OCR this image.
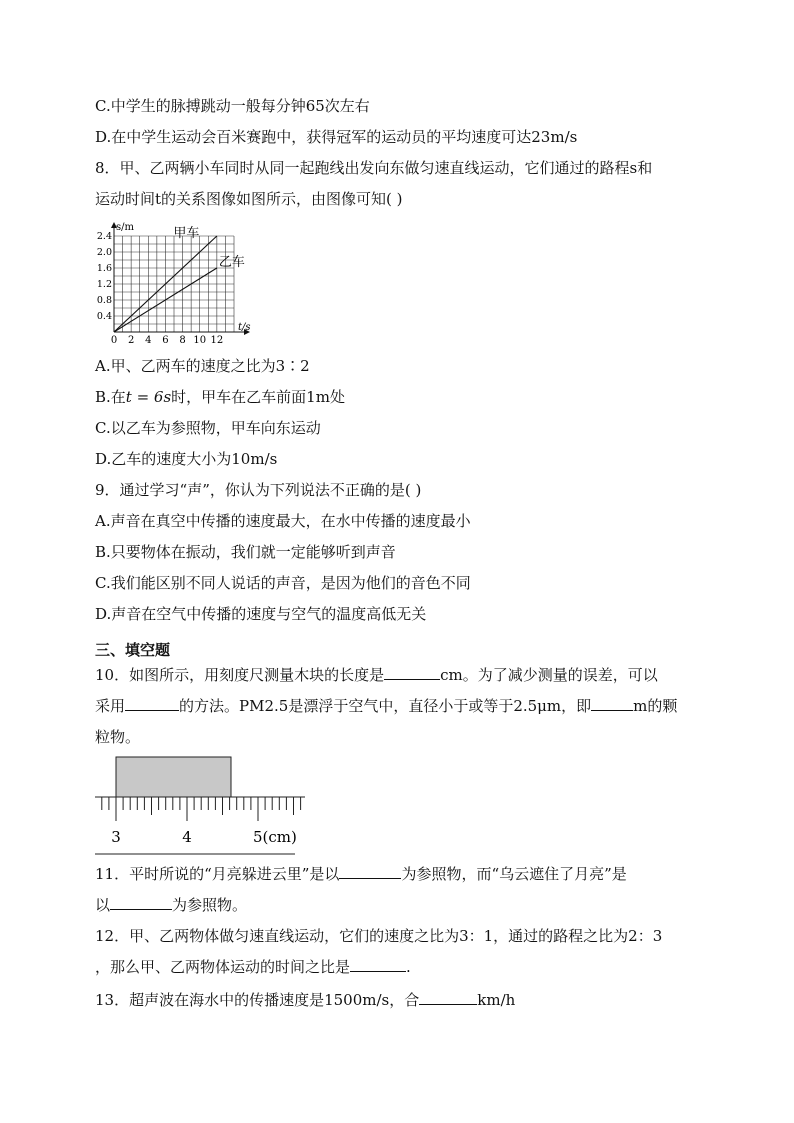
C.中学生的脉搏跳动一般每分钟65次左右
D.在中学生运动会百米赛跑中，获得冠军的运动员的平均速度可达23m/s
8．甲、乙两辆小车同时从同一起跑线出发向东做匀速直线运动，它们通过的路程s和
运动时间t的关系图像如图所示，由图像可知( )
0 2 4 6 8 10 12
0.4
0.8
1.2
1.6
2.0
2.4
t/s
s/m	甲车
乙车
A.甲、乙两车的速度之比为3∶2
B.在t = 6s时，甲车在乙车前面1m处
C.以乙车为参照物，甲车向东运动
D.乙车的速度大小为10m/s
9．通过学习“声”，你认为下列说法不正确的是( )
A.声音在真空中传播的速度最大，在水中传播的速度最小
B.只要物体在振动，我们就一定能够听到声音
C.我们能区别不同人说话的声音，是因为他们的音色不同
D.声音在空气中传播的速度与空气的温度高低无关
三、填空题
10．如图所示，用刻度尺测量木块的长度是	cm。为了减少测量的误差，可以
采用	的方法。PM2.5是漂浮于空气中，直径小于或等于2.5μm，即	m的颗
粒物。
3	4	5(cm)
11．平时所说的“月亮躲进云里”是以	为参照物，而“乌云遮住了月亮”是
以	为参照物。
12．甲、乙两物体做匀速直线运动，它们的速度之比为3：1，通过的路程之比为2：3
，那么甲、乙两物体运动的时间之比是	.
13．超声波在海水中的传播速度是1500m/s，合	km/h
